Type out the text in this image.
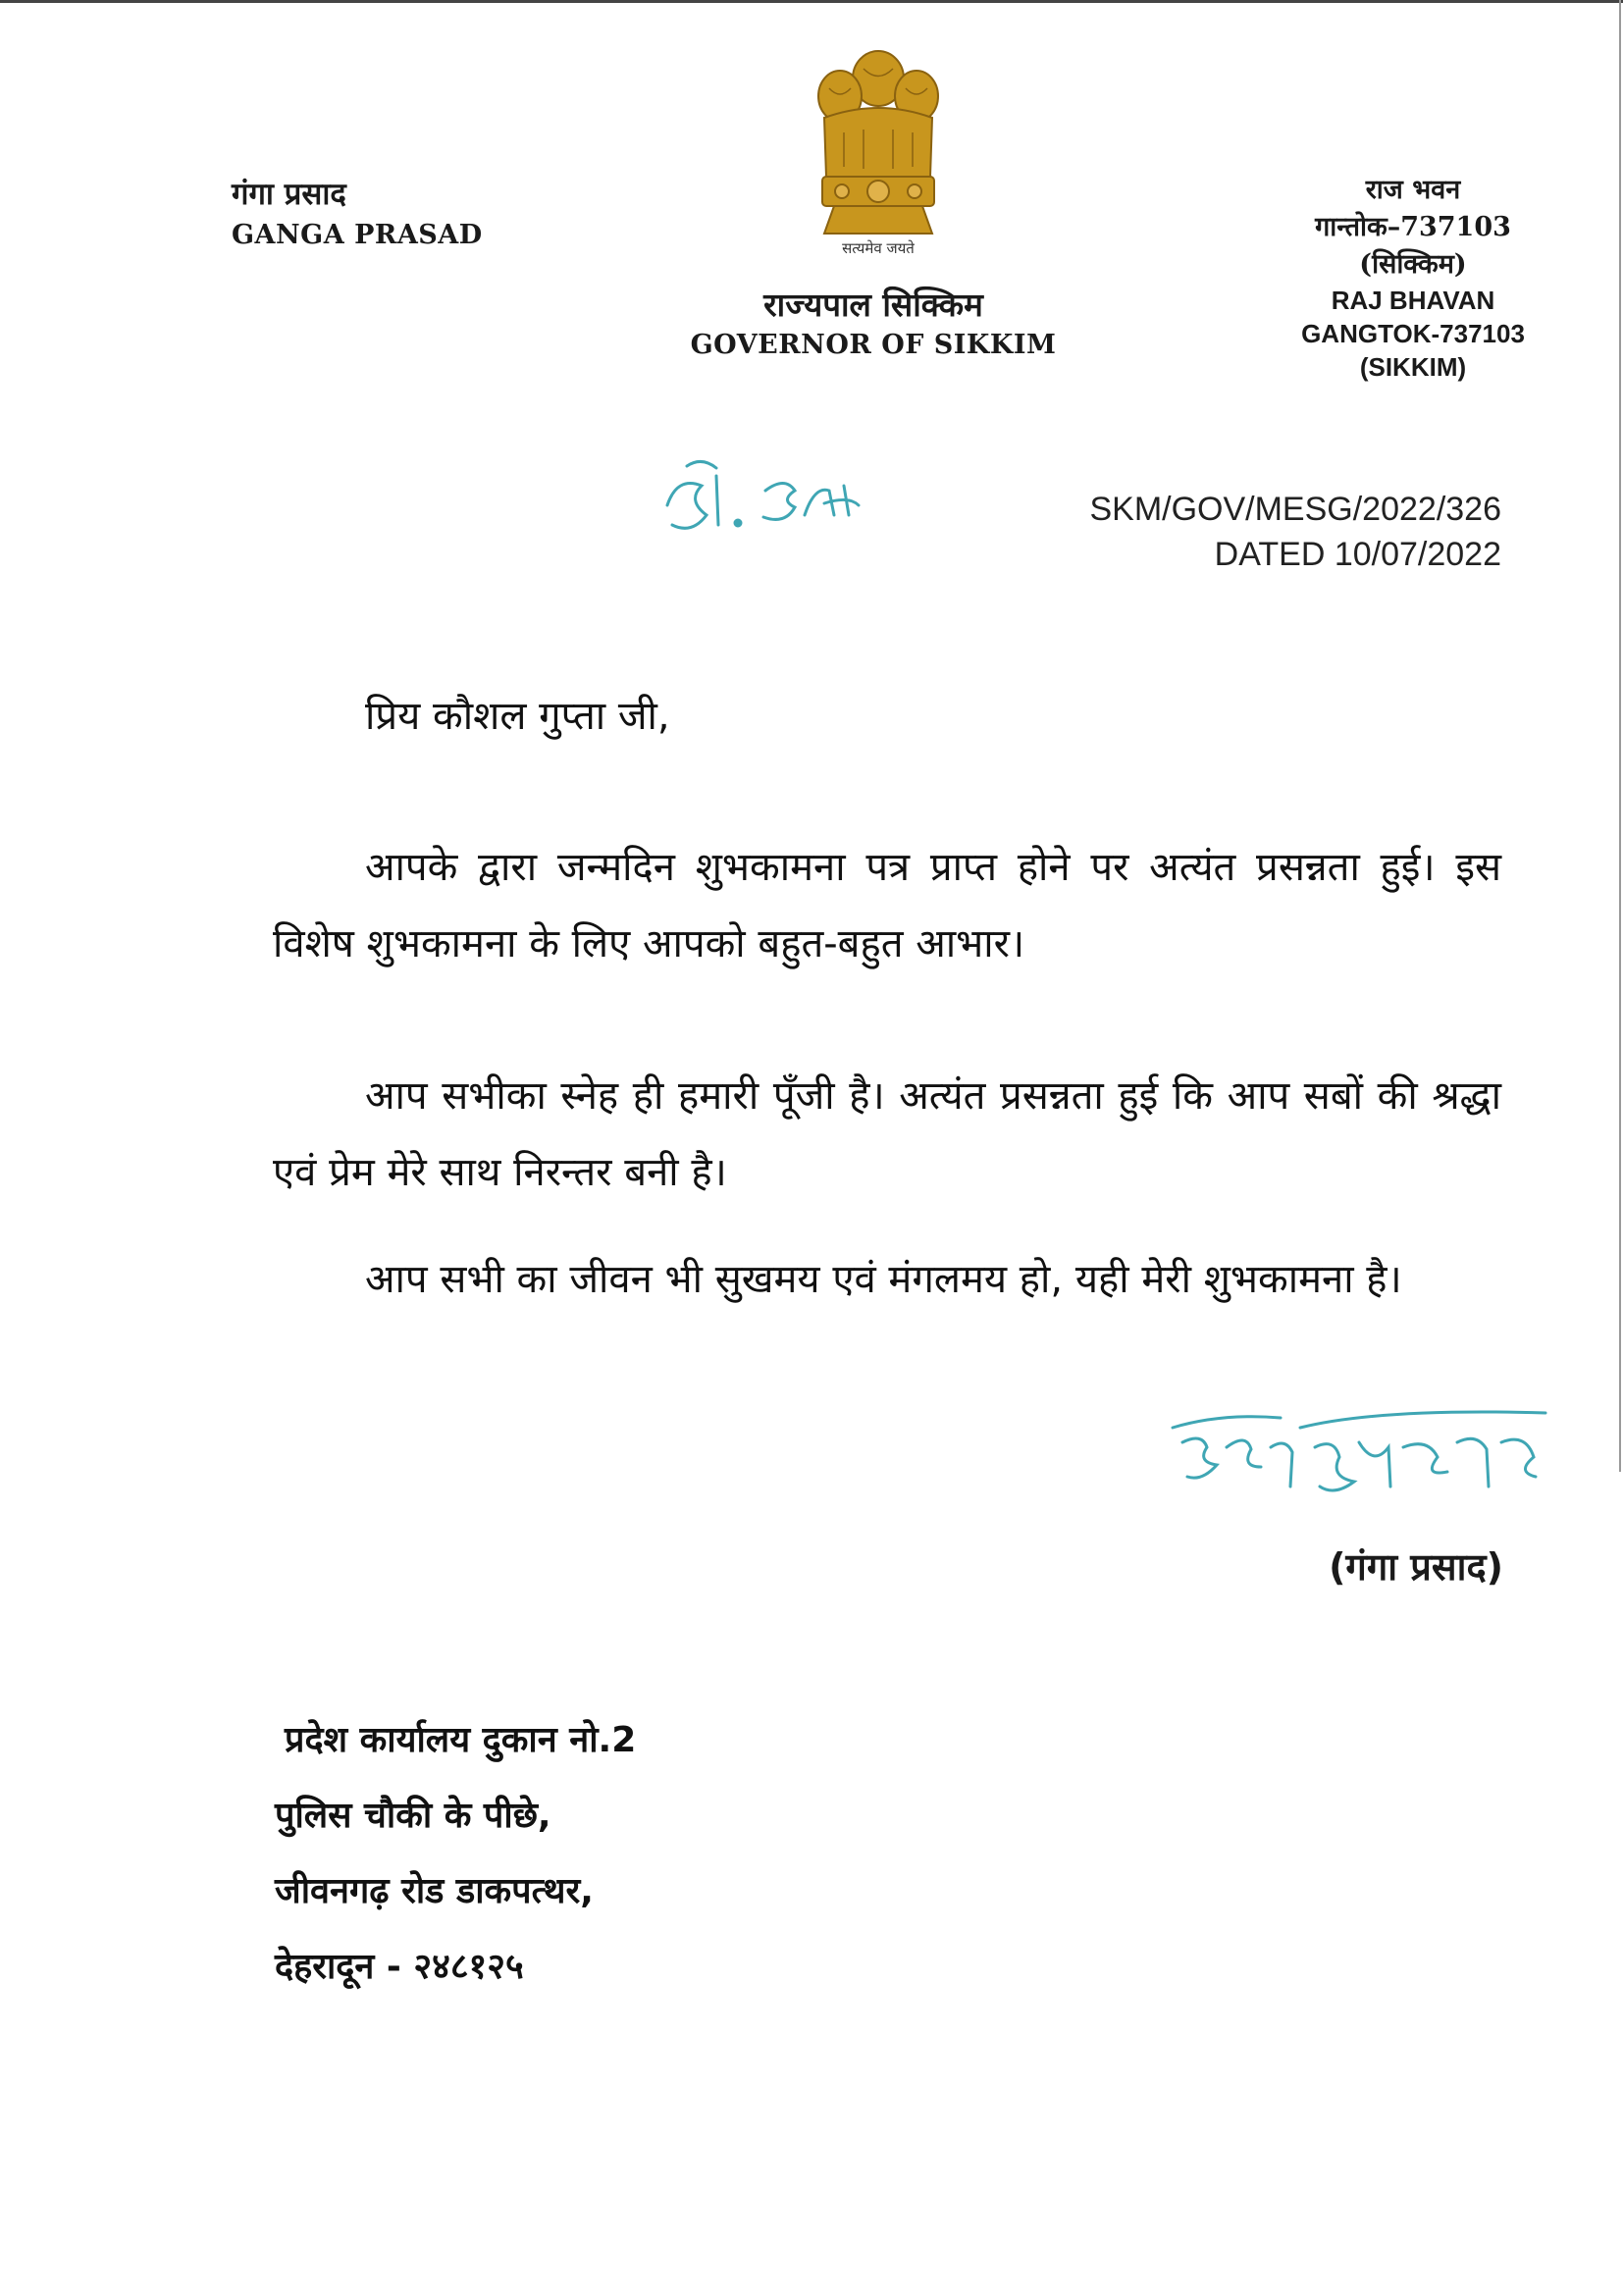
गंगा प्रसाद
GANGA PRASAD	सत्यमेव जयते
राज्यपाल सिक्किम
GOVERNOR OF SIKKIM
राज भवन
गान्तोक–737103
(सिक्किम)
RAJ BHAVAN
GANGTOK-737103
(SIKKIM)
SKM/GOV/MESG/2022/326
DATED 10/07/2022
प्रिय कौशल गुप्ता जी,
आपके द्वारा जन्मदिन शुभकामना पत्र प्राप्त होने पर अत्यंत प्रसन्नता हुई। इस विशेष शुभकामना के लिए आपको बहुत-बहुत आभार।
आप सभीका स्नेह ही हमारी पूँजी है। अत्यंत प्रसन्नता हुई कि आप सबों की श्रद्धा एवं प्रेम मेरे साथ निरन्तर बनी है।
आप सभी का जीवन भी सुखमय एवं मंगलमय हो, यही मेरी शुभकामना है।
(गंगा प्रसाद)
प्रदेश कार्यालय दुकान नो.2
पुलिस चौकी के पीछे,
जीवनगढ़ रोड डाकपत्थर,
देहरादून - २४८१२५
